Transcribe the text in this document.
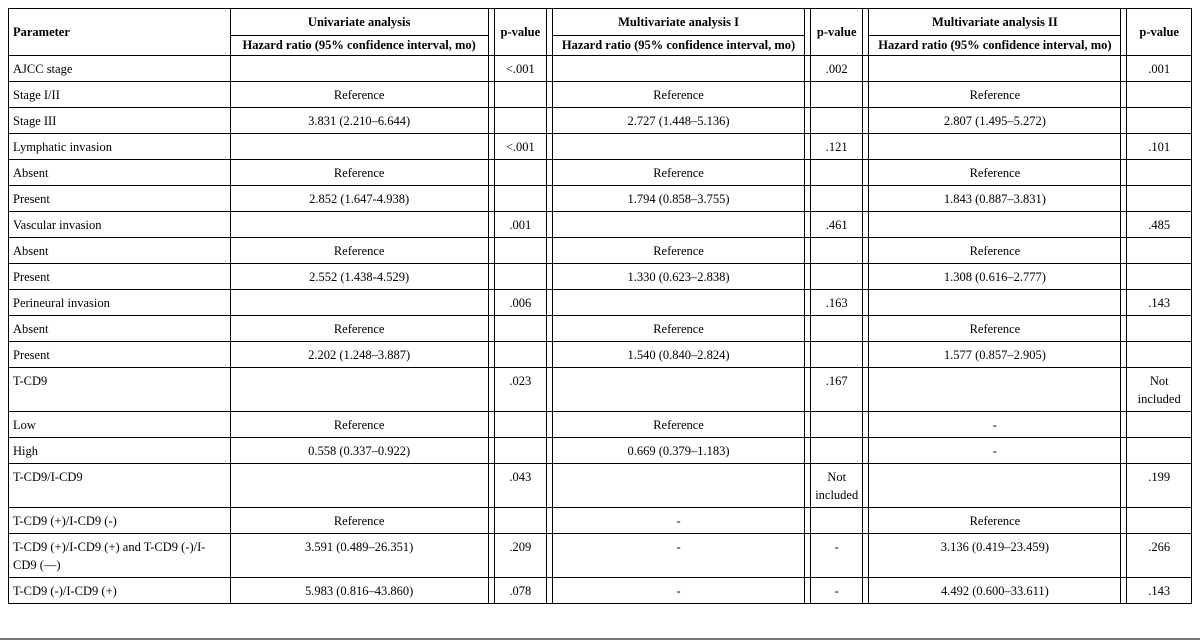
Parameter	Univariate analysis		p-value		Multivariate analysis I		p-value		Multivariate analysis II		p-value
	Hazard ratio (95% confidence interval, mo)				Hazard ratio (95% confidence interval, mo)				Hazard ratio (95% confidence interval, mo)		
AJCC stage			<.001				.002				.001
Stage I/II	Reference				Reference				Reference		
Stage III	3.831 (2.210–6.644)				2.727 (1.448–5.136)				2.807 (1.495–5.272)		
Lymphatic invasion			<.001				.121				.101
Absent	Reference				Reference				Reference		
Present	2.852 (1.647-4.938)				1.794 (0.858–3.755)				1.843 (0.887–3.831)		
Vascular invasion			.001				.461				.485
Absent	Reference				Reference				Reference		
Present	2.552 (1.438-4.529)				1.330 (0.623–2.838)				1.308 (0.616–2.777)		
Perineural invasion			.006				.163				.143
Absent	Reference				Reference				Reference		
Present	2.202 (1.248–3.887)				1.540 (0.840–2.824)				1.577 (0.857–2.905)		
T-CD9			.023				.167				Not included
Low	Reference				Reference				-		
High	0.558 (0.337–0.922)				0.669 (0.379–1.183)				-		
T-CD9/I-CD9			.043				Not included				.199
T-CD9 (+)/I-CD9 (-)	Reference				-				Reference		
T-CD9 (+)/I-CD9 (+) and T-CD9 (-)/I-CD9 (—)	3.591 (0.489–26.351)		.209		-		-		3.136 (0.419–23.459)		.266
T-CD9 (-)/I-CD9 (+)	5.983 (0.816–43.860)		.078		-		-		4.492 (0.600–33.611)		.143
